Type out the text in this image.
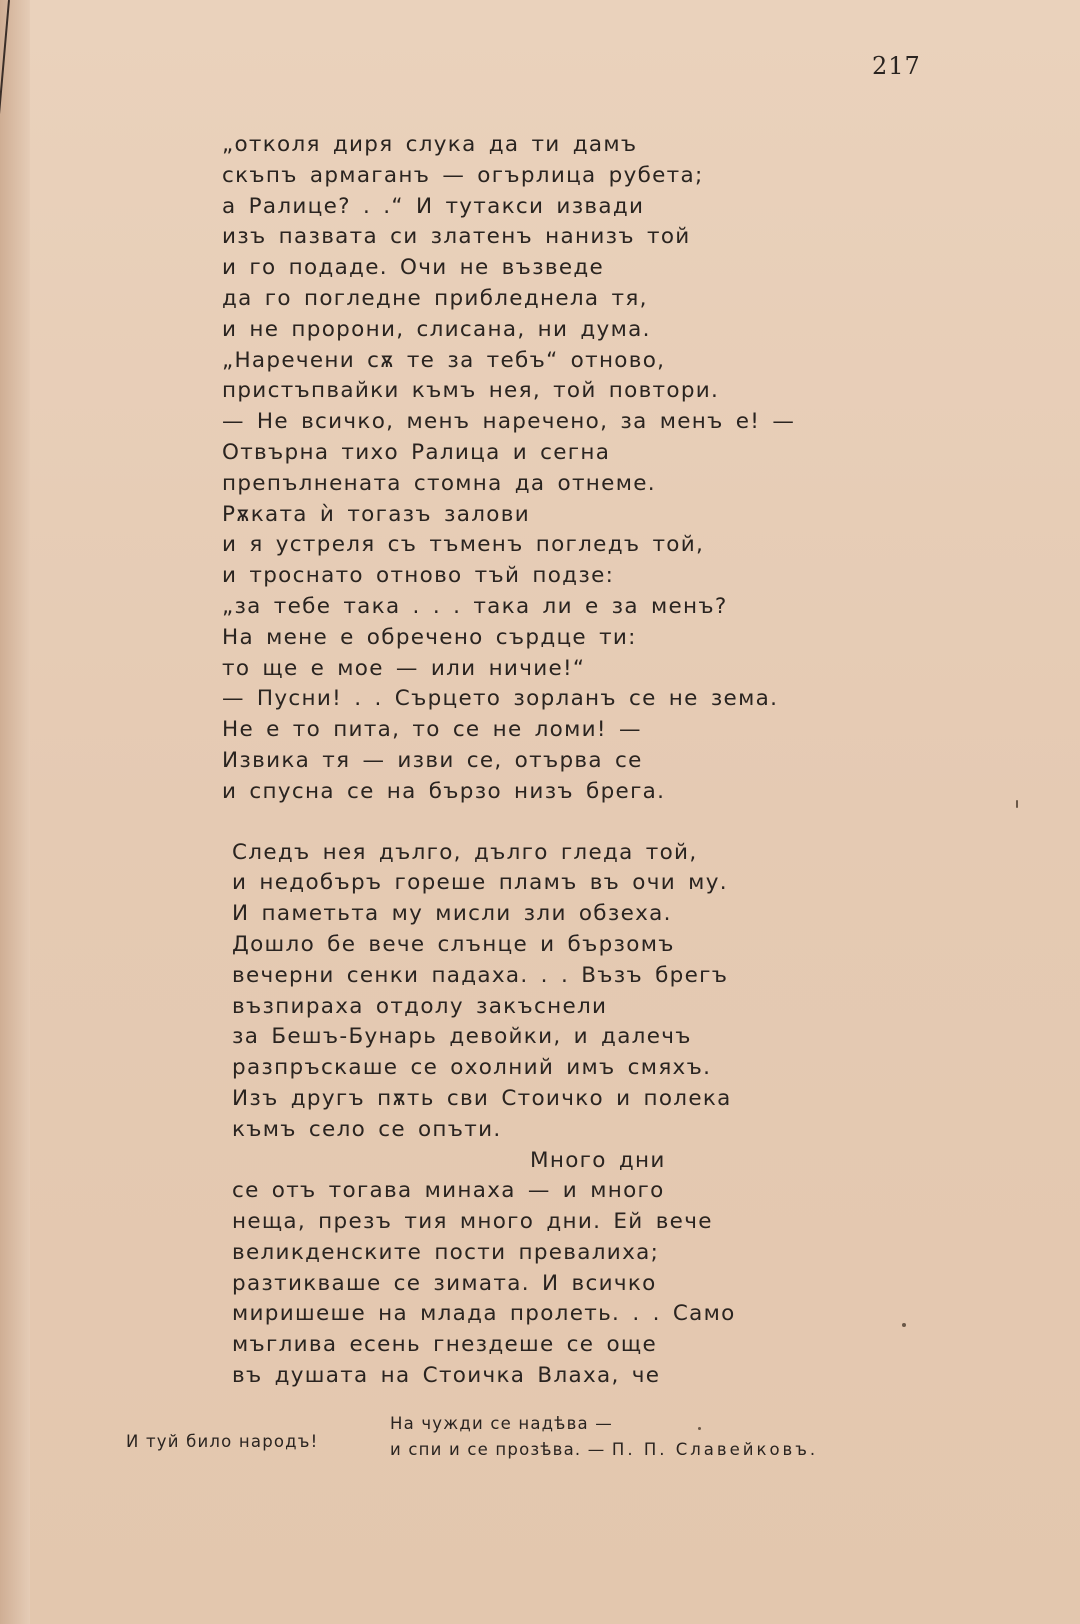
217
„отколя диря слука да ти дамъ
скъпъ армаганъ — огърлица рубета;
а Ралице? . .“ И тутакси извади
изъ пазвата си златенъ нанизъ той
и го подаде. Очи не възведе
да го погледне прибледнела тя,
и не пророни, слисана, ни дума.
„Наречени сѫ те за тебъ“ отново,
пристъпвайки къмъ нея, той повтори.
— Не всичко, менъ наречено, за менъ е! —
Отвърна тихо Ралица и сегна
препълнената стомна да отнеме.
Рѫката ѝ тогазъ залови
и я устреля съ тъменъ погледъ той,
и троснато отново тъй подзе:
„за тебе така . . . така ли е за менъ?
На мене е обречено сърдце ти:
то ще е мое — или ничие!“
— Пусни! . . Сърцето зорланъ се не зема.
Не е то пита, то се не ломи! —
Извика тя — изви се, отърва се
и спусна се на бързо низъ брега.
Следъ нея дълго, дълго гледа той,
и недобъръ гореше пламъ въ очи му.
И паметьта му мисли зли обзеха.
Дошло бе вече слънце и бързомъ
вечерни сенки падаха. . . Възъ брегъ
възпираха отдолу закъснели
за Бешъ-Бунарь девойки, и далечъ
разпръскаше се охолний имъ смяхъ.
Изъ другъ пѫть сви Стоичко и полека
къмъ село се опъти.
Много дни
се отъ тогава минаха — и много
неща, презъ тия много дни. Ей вече
великденските пости превалиха;
разтикваше се зимата. И всичко
миришеше на млада пролеть. . . Само
мъглива есень гнездеше се още
въ душата на Стоичка Влаха, че
И туй било народъ!
На чужди се надѣва —
и спи и се прозѣва. — П. П. Славейковъ.
